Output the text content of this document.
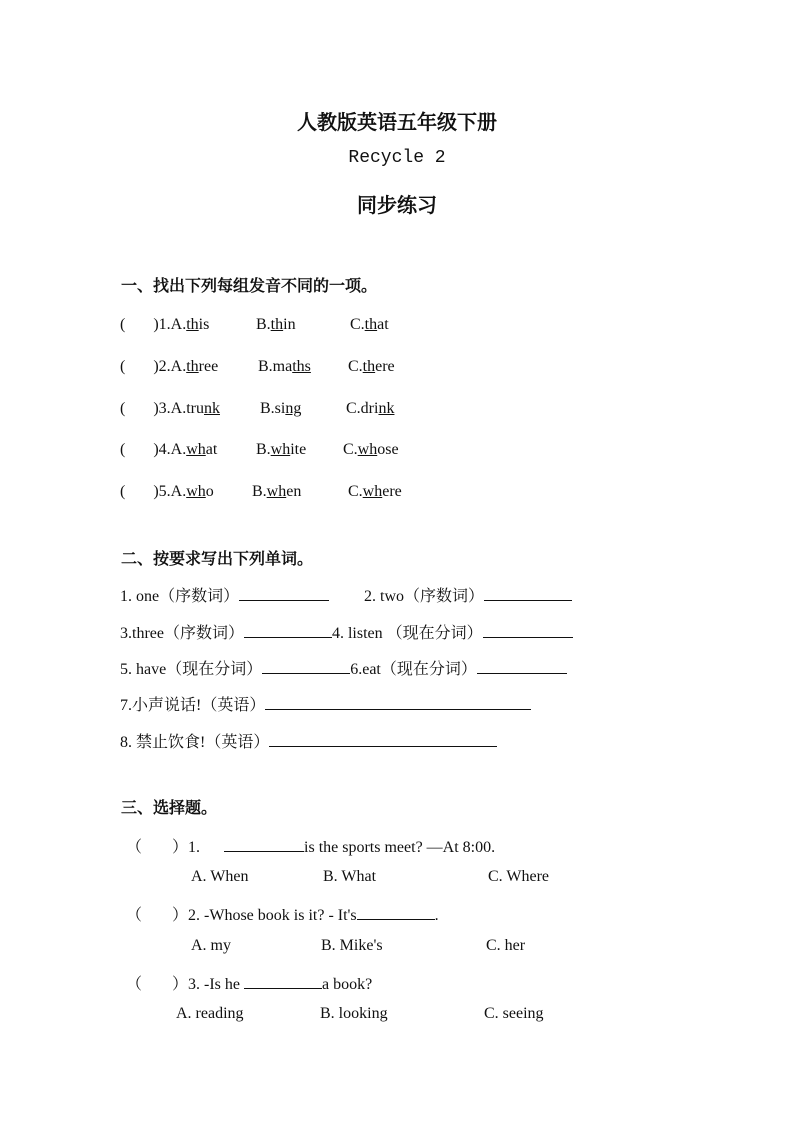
人教版英语五年级下册
Recycle 2
同步练习
一、找出下列每组发音不同的一项。
( )1.A.this	B.thin	C.that
( )2.A.three B.maths C.there
( )3.A.trunk	B.sing	C.drink
( )4.A.what B.white C.whose
( )5.A.who B.when	C.where
二、按要求写出下列单词。
1. one（序数词）	2. two（序数词）
3.three（序数词）	4. listen （现在分词）
5. have（现在分词）	6.eat（现在分词）
7.小声说话!（英语）
8. 禁止饮食!（英语）
三、选择题。
（ ）1.	is the sports meet? —At 8:00.
A. When	B. What	C. Where
（ ）2. -Whose book is it? - It's	.
A. my	B. Mike's	C. her
（ ）3. -Is he	a book?
A. reading	B. looking	C. seeing
